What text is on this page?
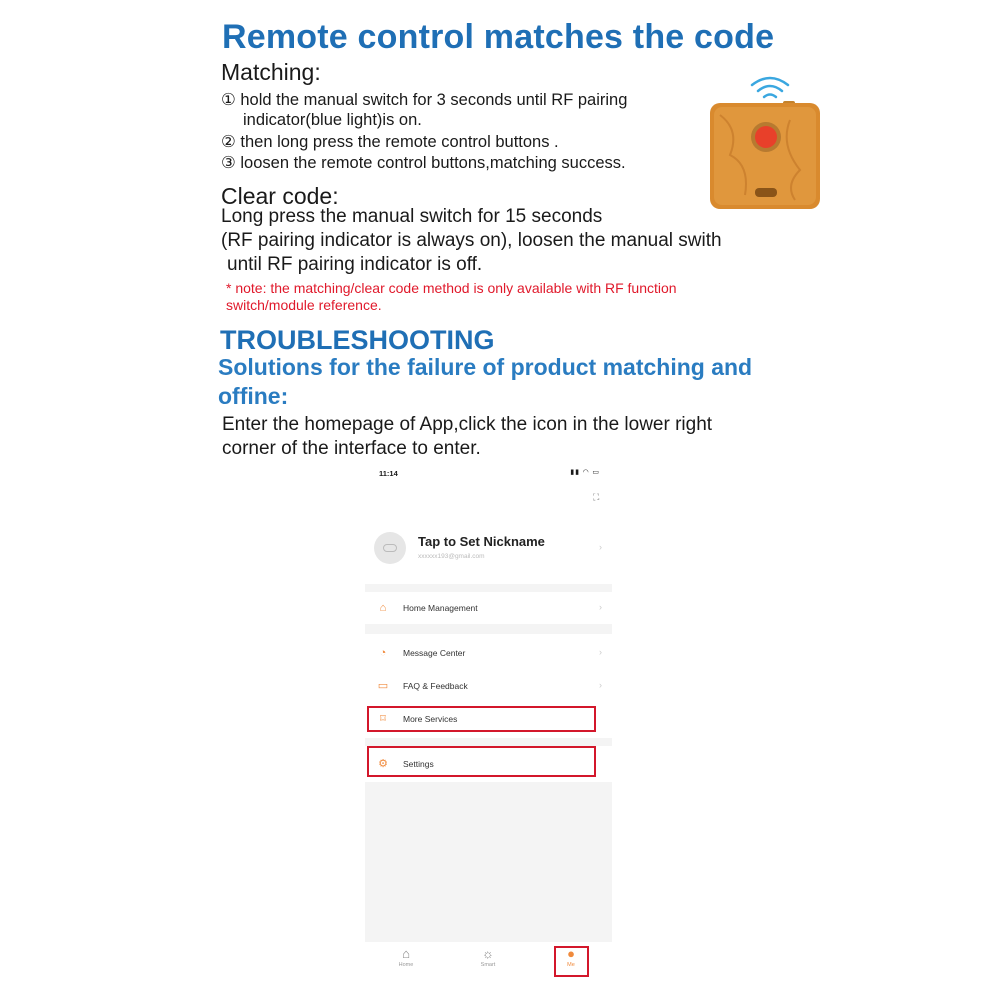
Remote control matches the code
Matching:
① hold the manual switch for 3 seconds until RF pairing
indicator(blue light)is on.
② then long press the remote control buttons .
③ loosen the remote control buttons,matching success.
Clear code:
Long press the manual switch for 15 seconds
(RF pairing indicator is always on), loosen the manual swith
until RF pairing indicator is off.
* note: the matching/clear code method is only available with RF function
switch/module reference.
TROUBLESHOOTING
Solutions for the failure of product matching and
offine:
Enter the homepage of App,click the icon in the lower right
corner of the interface to enter.
11:14	▮▮ ◠ ▭
⛶
Tap to Set Nickname
xxxxxx193@gmail.com
›
⌂	Home Management	›
◔	Message Center	›
▭ FAQ & Feedback	›
⌑	More Services
⚙ Settings
⌂
Home
☼
Smart
●
Me
